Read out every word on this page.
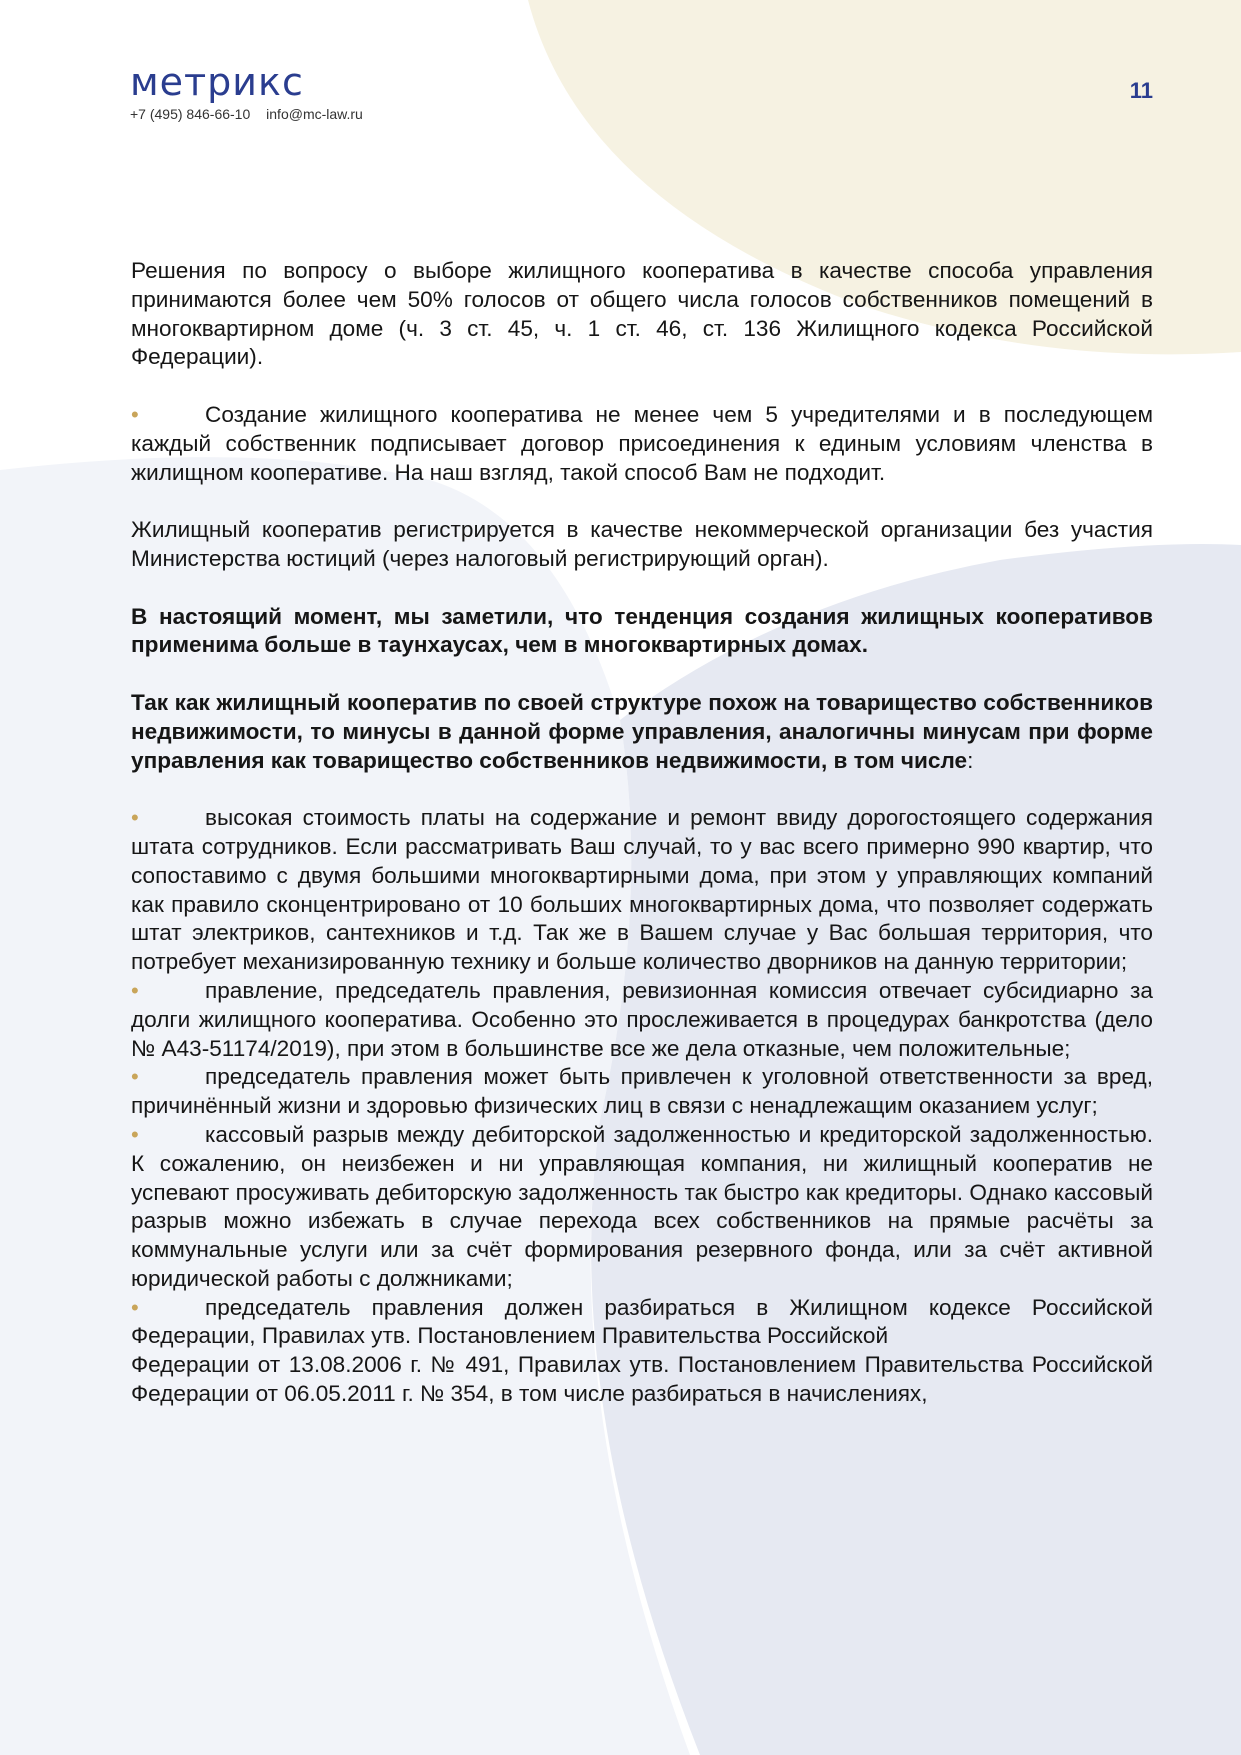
метрикс
+7 (495) 846-66-10 info@mc-law.ru
11

Решения по вопросу о выборе жилищного кооператива в качестве способа управления принимаются более чем 50% голосов от общего числа голосов собственников помещений в многоквартирном доме (ч. 3 ст. 45, ч. 1 ст. 46, ст. 136 Жилищного кодекса Российской Федерации).

•	Создание жилищного кооператива не менее чем 5 учредителями и в последующем каждый собственник подписывает договор присоединения к единым условиям членства в жилищном кооперативе. На наш взгляд, такой способ Вам не подходит.

Жилищный кооператив регистрируется в качестве некоммерческой организации без участия Министерства юстиций (через налоговый регистрирующий орган).

В настоящий момент, мы заметили, что тенденция создания жилищных кооперативов применима больше в таунхаусах, чем в многоквартирных домах.

Так как жилищный кооператив по своей структуре похож на товарищество собственников недвижимости, то минусы в данной форме управления, аналогичны минусам при форме управления как товарищество собственников недвижимости, в том числе:

•	высокая стоимость платы на содержание и ремонт ввиду дорогостоящего содержания штата сотрудников. Если рассматривать Ваш случай, то у вас всего примерно 990 квартир, что сопоставимо с двумя большими многоквартирными дома, при этом у управляющих компаний как правило сконцентрировано от 10 больших многоквартирных дома, что позволяет содержать штат электриков, сантехников и т.д. Так же в Вашем случае у Вас большая территория, что потребует механизированную технику и больше количество дворников на данную территории;

•	правление, председатель правления, ревизионная комиссия отвечает субсидиарно за долги жилищного кооператива. Особенно это прослеживается в процедурах банкротства (дело № А43-51174/2019), при этом в большинстве все же дела отказные, чем положительные;

•	председатель правления может быть привлечен к уголовной ответственности за вред, причинённый жизни и здоровью физических лиц в связи с ненадлежащим оказанием услуг;

•	кассовый разрыв между дебиторской задолженностью и кредиторской задолженностью. К сожалению, он неизбежен и ни управляющая компания, ни жилищный кооператив не успевают просуживать дебиторскую задолженность так быстро как кредиторы. Однако кассовый разрыв можно избежать в случае перехода всех собственников на прямые расчёты за коммунальные услуги или за счёт формирования резервного фонда, или за счёт активной юридической работы с должниками;

•	председатель правления должен разбираться в Жилищном кодексе Российской Федерации, Правилах утв. Постановлением Правительства Российской

Федерации от 13.08.2006 г. № 491, Правилах утв. Постановлением Правительства Российской Федерации от 06.05.2011 г. № 354, в том числе разбираться в начислениях,
